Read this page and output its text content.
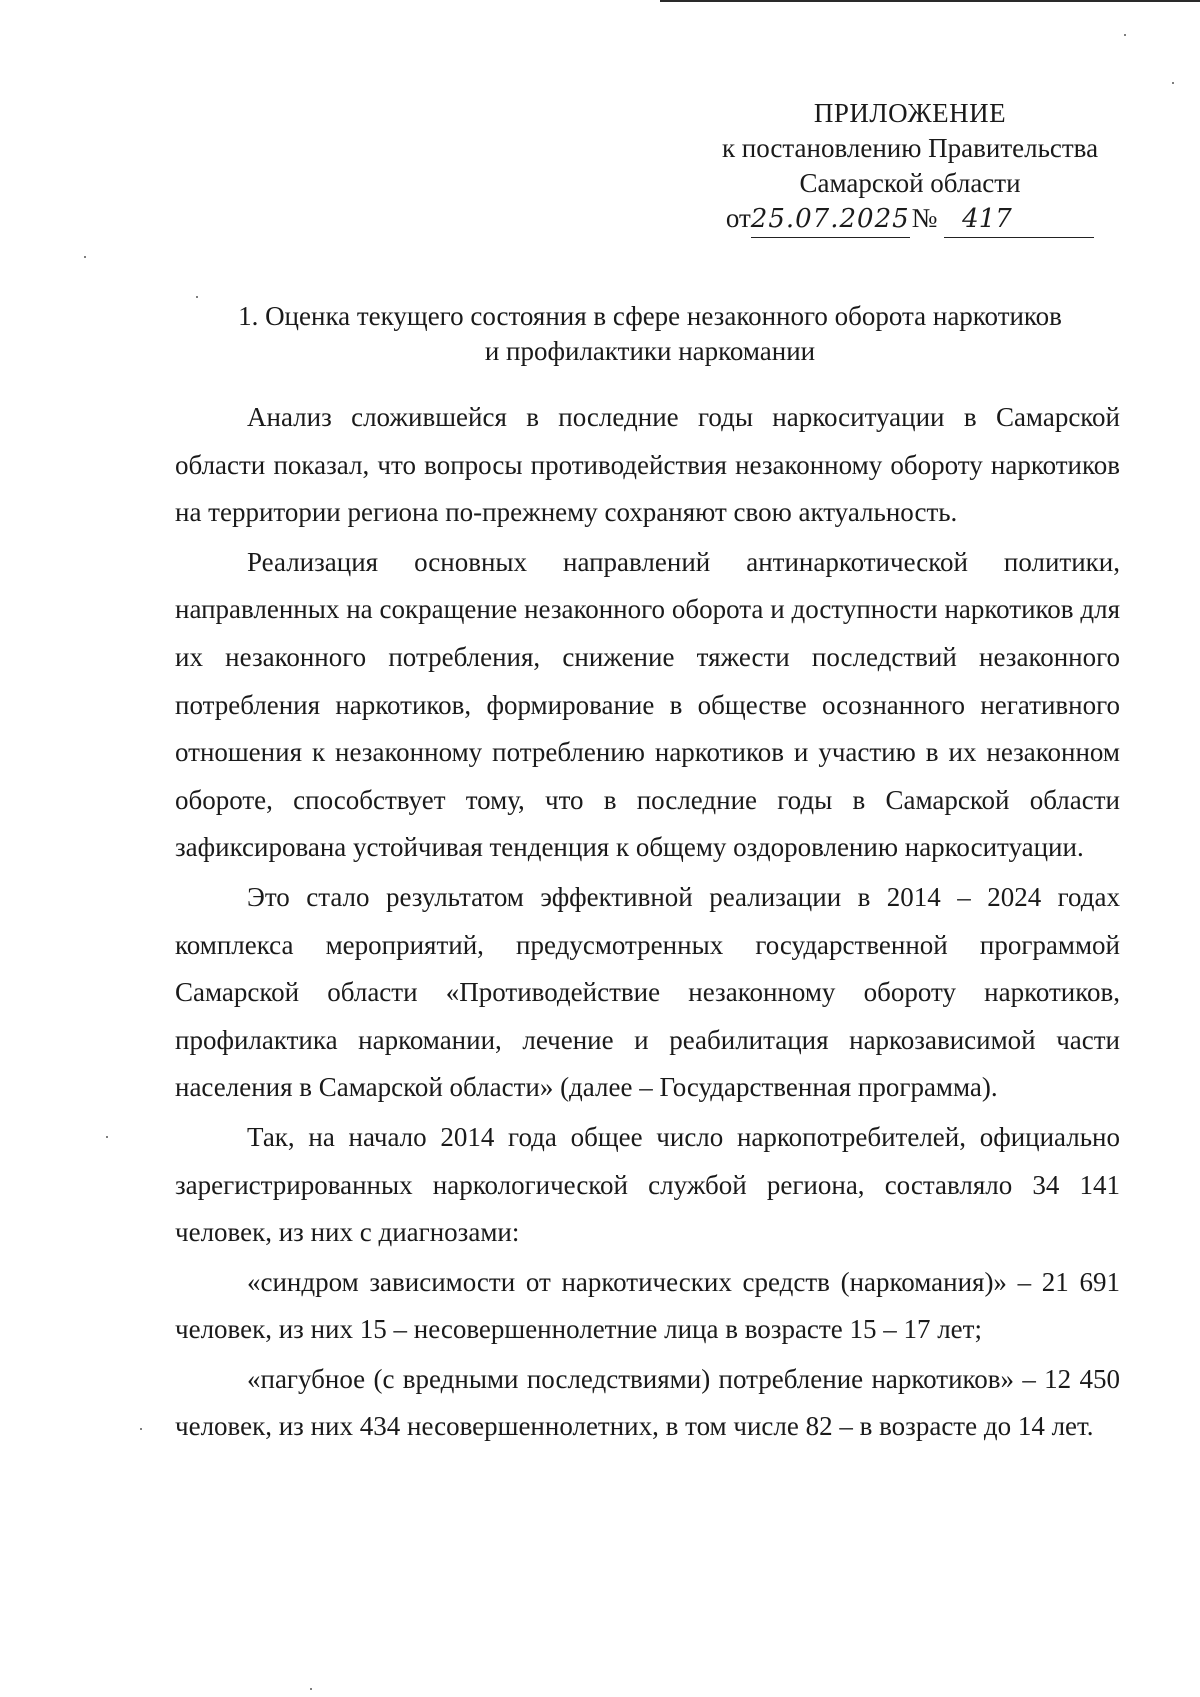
ПРИЛОЖЕНИЕ
к постановлению Правительства
Самарской области
от25.07.2025№ 417
1. Оценка текущего состояния в сфере незаконного оборота наркотиков
и профилактики наркомании

Анализ сложившейся в последние годы наркоситуации в Самарской области показал, что вопросы противодействия незаконному обороту наркотиков на территории региона по-прежнему сохраняют свою актуальность.

Реализация основных направлений антинаркотической политики, направленных на сокращение незаконного оборота и доступности наркотиков для их незаконного потребления, снижение тяжести последствий незаконного потребления наркотиков, формирование в обществе осознанного негативного отношения к незаконному потреблению наркотиков и участию в их незаконном обороте, способствует тому, что в последние годы в Самарской области зафиксирована устойчивая тенденция к общему оздоровлению наркоситуации.

Это стало результатом эффективной реализации в 2014 – 2024 годах комплекса мероприятий, предусмотренных государственной программой Самарской области «Противодействие незаконному обороту наркотиков, профилактика наркомании, лечение и реабилитация наркозависимой части населения в Самарской области» (далее – Государственная программа).

Так, на начало 2014 года общее число наркопотребителей, официально зарегистрированных наркологической службой региона, составляло 34 141 человек, из них с диагнозами:

«синдром зависимости от наркотических средств (наркомания)» – 21 691 человек, из них 15 – несовершеннолетние лица в возрасте 15 – 17 лет;

«пагубное (с вредными последствиями) потребление наркотиков» – 12 450 человек, из них 434 несовершеннолетних, в том числе 82 – в возрасте до 14 лет.
